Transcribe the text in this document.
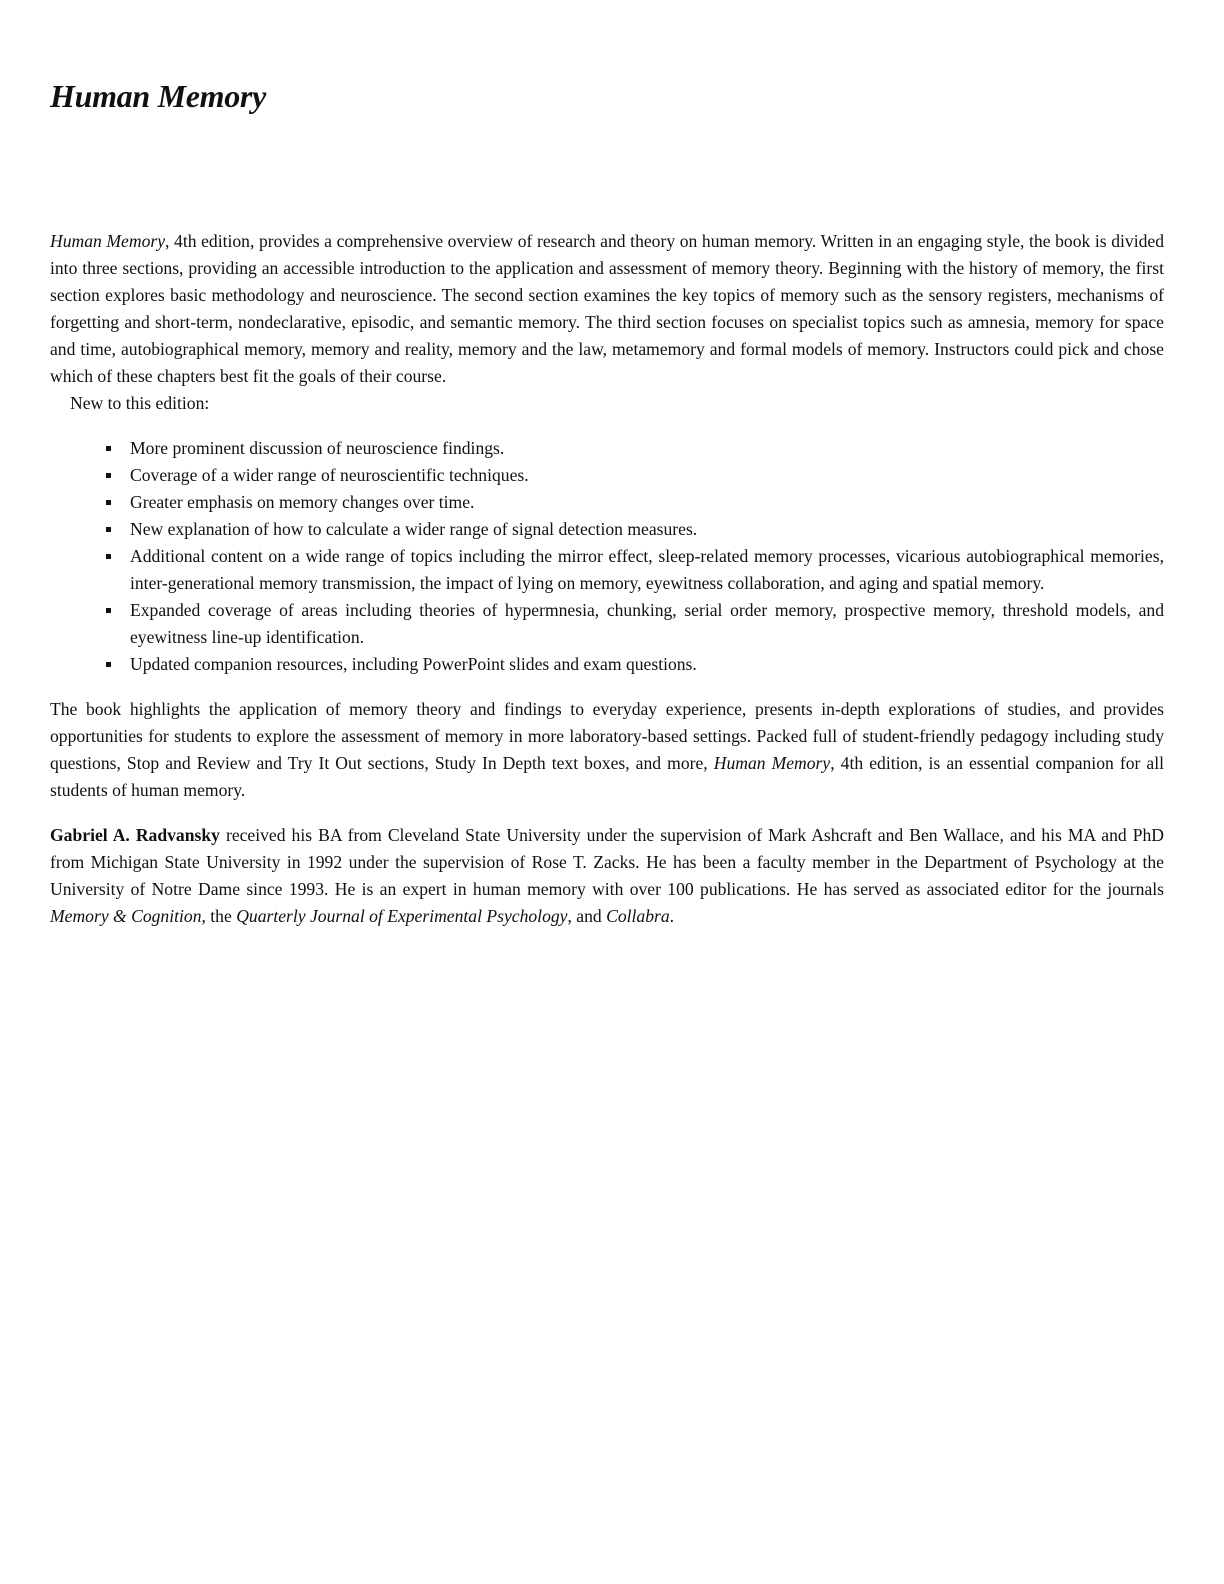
Human Memory

Human Memory, 4th edition, provides a comprehensive overview of research and theory on human memory. Written in an engaging style, the book is divided into three sections, providing an accessible introduction to the application and assessment of memory theory. Beginning with the history of memory, the first section explores basic methodology and neuroscience. The second section examines the key topics of memory such as the sensory registers, mechanisms of forgetting and short-term, nondeclarative, episodic, and semantic memory. The third section focuses on specialist topics such as amnesia, memory for space and time, autobiographical memory, memory and reality, memory and the law, metamemory and formal models of memory. Instructors could pick and chose which of these chapters best fit the goals of their course.

New to this edition:

More prominent discussion of neuroscience findings.
Coverage of a wider range of neuroscientific techniques.
Greater emphasis on memory changes over time.
New explanation of how to calculate a wider range of signal detection measures.
Additional content on a wide range of topics including the mirror effect, sleep-related memory processes, vicarious autobiographical memories, inter-generational memory transmission, the impact of lying on memory, eyewitness collaboration, and aging and spatial memory.
Expanded coverage of areas including theories of hypermnesia, chunking, serial order memory, prospective memory, threshold models, and eyewitness line-up identification.
Updated companion resources, including PowerPoint slides and exam questions.

The book highlights the application of memory theory and findings to everyday experience, presents in-depth explorations of studies, and provides opportunities for students to explore the assessment of memory in more laboratory-based settings. Packed full of student-friendly pedagogy including study questions, Stop and Review and Try It Out sections, Study In Depth text boxes, and more, Human Memory, 4th edition, is an essential companion for all students of human memory.

Gabriel A. Radvansky received his BA from Cleveland State University under the supervision of Mark Ashcraft and Ben Wallace, and his MA and PhD from Michigan State University in 1992 under the supervision of Rose T. Zacks. He has been a faculty member in the Department of Psychology at the University of Notre Dame since 1993. He is an expert in human memory with over 100 publications. He has served as associated editor for the journals Memory & Cognition, the Quarterly Journal of Experimental Psychology, and Collabra.
